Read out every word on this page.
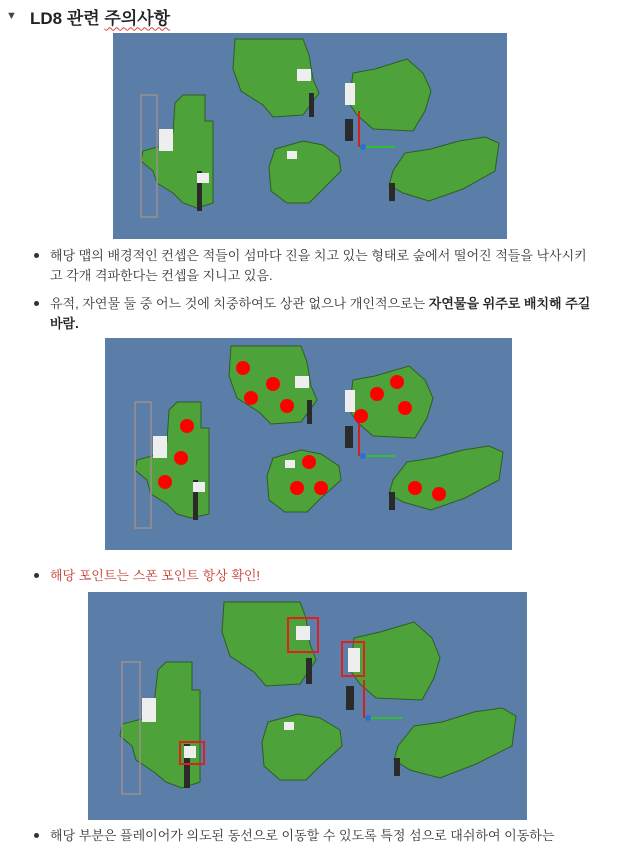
▼ LD8 관련 주의사항
해당 맵의 배경적인 컨셉은 적들이 섬마다 진을 치고 있는 형태로 숲에서 떨어진 적들을 낙사시키고 각개 격파한다는 컨셉을 지니고 있음.
유적, 자연물 둘 중 어느 것에 치중하여도 상관 없으나 개인적으로는 자연물을 위주로 배치해 주길 바람.
해당 포인트는 스폰 포인트 항상 확인!
해당 부분은 플레이어가 의도된 동선으로 이동할 수 있도록 특정 섬으로 대쉬하여 이동하는
